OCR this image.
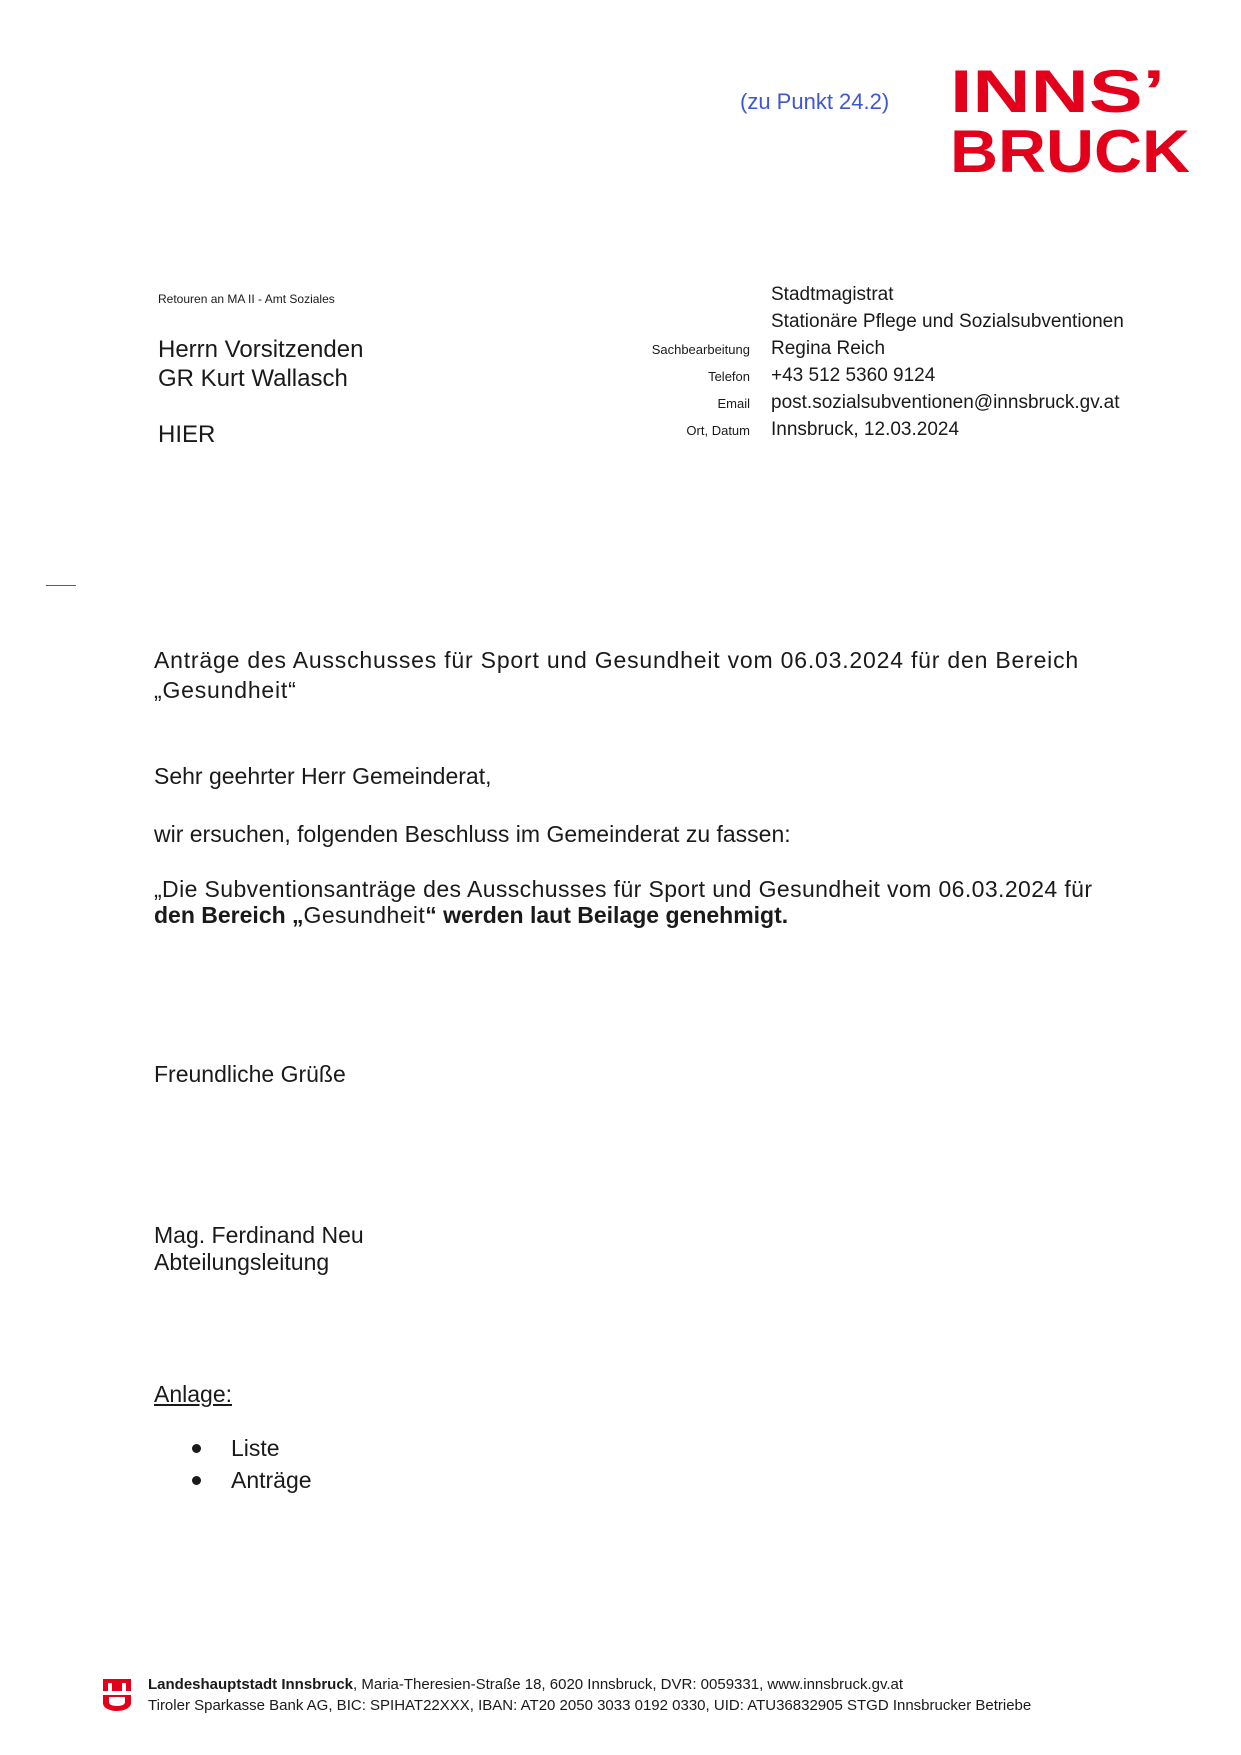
(zu Punkt 24.2) INNS’
BRUCK
Retouren an MA II - Amt Soziales
Herrn Vorsitzenden
GR Kurt Wallasch
HIER
Stadtmagistrat
Stationäre Pflege und Sozialsubventionen
Sachbearbeitung	Regina Reich
Telefon	+43 512 5360 9124
Email	post.sozialsubventionen@innsbruck.gv.at
Ort, Datum	Innsbruck, 12.03.2024
Anträge des Ausschusses für Sport und Gesundheit vom 06.03.2024 für den Bereich
„Gesundheit“
Sehr geehrter Herr Gemeinderat,
wir ersuchen, folgenden Beschluss im Gemeinderat zu fassen:
„Die Subventionsanträge des Ausschusses für Sport und Gesundheit vom 06.03.2024 für
den Bereich „Gesundheit“ werden laut Beilage genehmigt.
Freundliche Grüße
Mag. Ferdinand Neu
Abteilungsleitung
Anlage:
Liste
Anträge
Landeshauptstadt Innsbruck, Maria-Theresien-Straße 18, 6020 Innsbruck, DVR: 0059331, www.innsbruck.gv.at
Tiroler Sparkasse Bank AG, BIC: SPIHAT22XXX, IBAN: AT20 2050 3033 0192 0330, UID: ATU36832905 STGD Innsbrucker Betriebe
